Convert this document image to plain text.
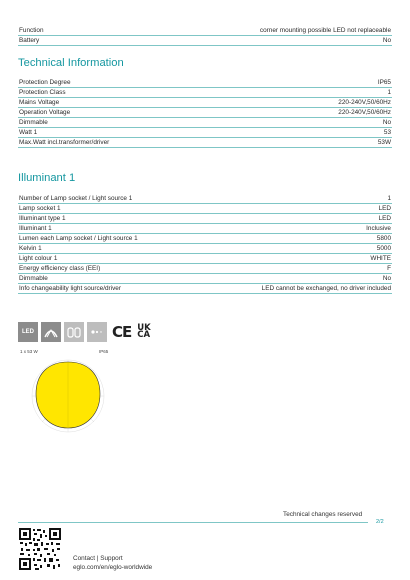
Function	corner mounting possible LED not replaceable
Battery	No
Technical Information
Protection Degree	IP65
Protection Class	1
Mains Voltage	220-240V,50/60Hz
Operation Voltage	220-240V,50/60Hz
Dimmable	No
Watt 1	53
Max.Watt incl.transformer/driver	53W
Illuminant 1
Number of Lamp socket / Light source 1	1
Lamp socket 1	LED
Illuminant type 1	LED
Illuminant 1	Inclusive
Lumen each Lamp socket / Light source 1	5800
Kelvin 1	5000
Light colour 1	WHITE
Energy efficiency class (EEI)	F
Dimmable	No
Info changeability light source/driver	LED cannot be exchanged, no driver included
LED	CE UK
CA
1 x 53 W	IP65
Technical changes reserved
2/2
Contact | Support
eglo.com/en/eglo-worldwide
